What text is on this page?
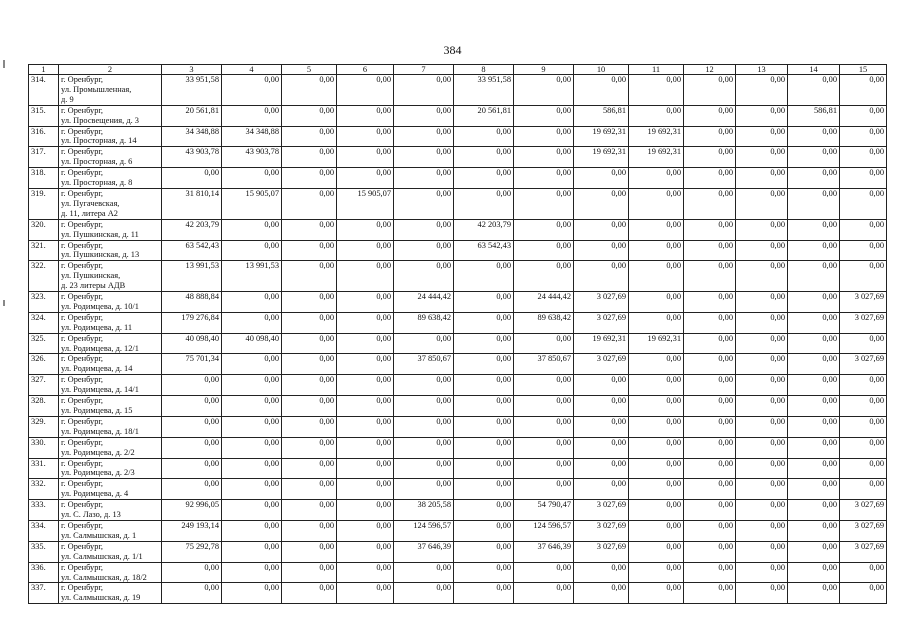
384
1	2	3	4	5	6	7	8	9	10	11	12	13	14	15
314.	г. Оренбург,
ул. Промышленная,
д. 9	33 951,58	0,00	0,00	0,00	0,00	33 951,58	0,00	0,00	0,00	0,00	0,00	0,00	0,00
315.	г. Оренбург,
ул. Просвещения, д. 3	20 561,81	0,00	0,00	0,00	0,00	20 561,81	0,00	586,81	0,00	0,00	0,00	586,81	0,00
316.	г. Оренбург,
ул. Просторная, д. 14	34 348,88	34 348,88	0,00	0,00	0,00	0,00	0,00	19 692,31	19 692,31	0,00	0,00	0,00	0,00
317.	г. Оренбург,
ул. Просторная, д. 6	43 903,78	43 903,78	0,00	0,00	0,00	0,00	0,00	19 692,31	19 692,31	0,00	0,00	0,00	0,00
318.	г. Оренбург,
ул. Просторная, д. 8	0,00	0,00	0,00	0,00	0,00	0,00	0,00	0,00	0,00	0,00	0,00	0,00	0,00
319.	г. Оренбург,
ул. Пугачевская,
д. 11, литера А2	31 810,14	15 905,07	0,00	15 905,07	0,00	0,00	0,00	0,00	0,00	0,00	0,00	0,00	0,00
320.	г. Оренбург,
ул. Пушкинская, д. 11	42 203,79	0,00	0,00	0,00	0,00	42 203,79	0,00	0,00	0,00	0,00	0,00	0,00	0,00
321.	г. Оренбург,
ул. Пушкинская, д. 13	63 542,43	0,00	0,00	0,00	0,00	63 542,43	0,00	0,00	0,00	0,00	0,00	0,00	0,00
322.	г. Оренбург,
ул. Пушкинская,
д. 23 литеры АДВ	13 991,53	13 991,53	0,00	0,00	0,00	0,00	0,00	0,00	0,00	0,00	0,00	0,00	0,00
323.	г. Оренбург,
ул. Родимцева, д. 10/1	48 888,84	0,00	0,00	0,00	24 444,42	0,00	24 444,42	3 027,69	0,00	0,00	0,00	0,00	3 027,69
324.	г. Оренбург,
ул. Родимцева, д. 11	179 276,84	0,00	0,00	0,00	89 638,42	0,00	89 638,42	3 027,69	0,00	0,00	0,00	0,00	3 027,69
325.	г. Оренбург,
ул. Родимцева, д. 12/1	40 098,40	40 098,40	0,00	0,00	0,00	0,00	0,00	19 692,31	19 692,31	0,00	0,00	0,00	0,00
326.	г. Оренбург,
ул. Родимцева, д. 14	75 701,34	0,00	0,00	0,00	37 850,67	0,00	37 850,67	3 027,69	0,00	0,00	0,00	0,00	3 027,69
327.	г. Оренбург,
ул. Родимцева, д. 14/1	0,00	0,00	0,00	0,00	0,00	0,00	0,00	0,00	0,00	0,00	0,00	0,00	0,00
328.	г. Оренбург,
ул. Родимцева, д. 15	0,00	0,00	0,00	0,00	0,00	0,00	0,00	0,00	0,00	0,00	0,00	0,00	0,00
329.	г. Оренбург,
ул. Родимцева, д. 18/1	0,00	0,00	0,00	0,00	0,00	0,00	0,00	0,00	0,00	0,00	0,00	0,00	0,00
330.	г. Оренбург,
ул. Родимцева, д. 2/2	0,00	0,00	0,00	0,00	0,00	0,00	0,00	0,00	0,00	0,00	0,00	0,00	0,00
331.	г. Оренбург,
ул. Родимцева, д. 2/3	0,00	0,00	0,00	0,00	0,00	0,00	0,00	0,00	0,00	0,00	0,00	0,00	0,00
332.	г. Оренбург,
ул. Родимцева, д. 4	0,00	0,00	0,00	0,00	0,00	0,00	0,00	0,00	0,00	0,00	0,00	0,00	0,00
333.	г. Оренбург,
ул. С. Лазо, д. 13	92 996,05	0,00	0,00	0,00	38 205,58	0,00	54 790,47	3 027,69	0,00	0,00	0,00	0,00	3 027,69
334.	г. Оренбург,
ул. Салмышская, д. 1	249 193,14	0,00	0,00	0,00	124 596,57	0,00	124 596,57	3 027,69	0,00	0,00	0,00	0,00	3 027,69
335.	г. Оренбург,
ул. Салмышская, д. 1/1	75 292,78	0,00	0,00	0,00	37 646,39	0,00	37 646,39	3 027,69	0,00	0,00	0,00	0,00	3 027,69
336.	г. Оренбург,
ул. Салмышская, д. 18/2	0,00	0,00	0,00	0,00	0,00	0,00	0,00	0,00	0,00	0,00	0,00	0,00	0,00
337.	г. Оренбург,
ул. Салмышская, д. 19	0,00	0,00	0,00	0,00	0,00	0,00	0,00	0,00	0,00	0,00	0,00	0,00	0,00
